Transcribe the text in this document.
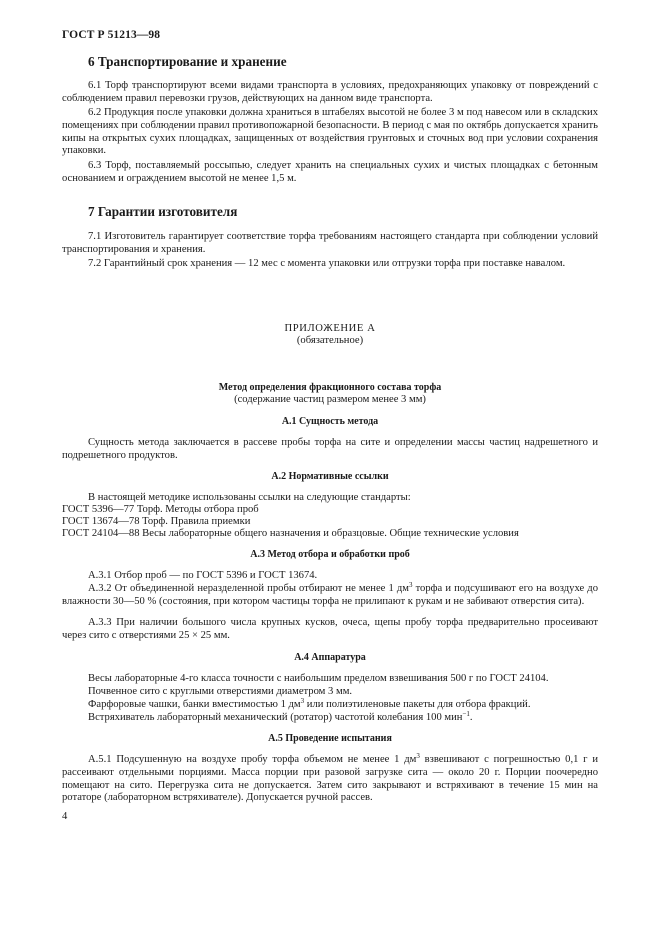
ГОСТ Р 51213—98
6 Транспортирование и хранение
6.1 Торф транспортируют всеми видами транспорта в условиях, предохраняющих упаковку от повреждений с соблюдением правил перевозки грузов, действующих на данном виде транспорта.
6.2 Продукция после упаковки должна храниться в штабелях высотой не более 3 м под навесом или в складских помещениях при соблюдении правил противопожарной безопасности. В период с мая по октябрь допускается хранить кипы на открытых сухих площадках, защищенных от воздействия грунтовых и сточных вод при условии сохранения упаковки.
6.3 Торф, поставляемый россыпью, следует хранить на специальных сухих и чистых площадках с бетонным основанием и ограждением высотой не менее 1,5 м.
7 Гарантии изготовителя
7.1 Изготовитель гарантирует соответствие торфа требованиям настоящего стандарта при соблюдении условий транспортирования и хранения.
7.2 Гарантийный срок хранения — 12 мес с момента упаковки или отгрузки торфа при поставке навалом.
ПРИЛОЖЕНИЕ А
(обязательное)
Метод определения фракционного состава торфа
(содержание частиц размером менее 3 мм)
А.1 Сущность метода
Сущность метода заключается в рассеве пробы торфа на сите и определении массы частиц надрешетного и подрешетного продуктов.
А.2 Нормативные ссылки
В настоящей методике использованы ссылки на следующие стандарты:
ГОСТ 5396—77 Торф. Методы отбора проб
ГОСТ 13674—78 Торф. Правила приемки
ГОСТ 24104—88 Весы лабораторные общего назначения и образцовые. Общие технические условия
А.3 Метод отбора и обработки проб
А.3.1 Отбор проб — по ГОСТ 5396 и ГОСТ 13674.
А.3.2 От объединенной неразделенной пробы отбирают не менее 1 $дм^3$ торфа и подсушивают его на воздухе до влажности 30—50 % (состояния, при котором частицы торфа не прилипают к рукам и не забивают отверстия сита).
А.3.3 При наличии большого числа крупных кусков, очеса, щепы пробу торфа предварительно просеивают через сито с отверстиями 25 × 25 мм.
А.4 Аппаратура
Весы лабораторные 4-го класса точности с наибольшим пределом взвешивания 500 г по ГОСТ 24104.
Почвенное сито с круглыми отверстиями диаметром 3 мм.
Фарфоровые чашки, банки вместимостью 1 $дм^3$ или полиэтиленовые пакеты для отбора фракций.
Встряхиватель лабораторный механический (ротатор) частотой колебания 100 мин$^{-1}$.
А.5 Проведение испытания
А.5.1 Подсушенную на воздухе пробу торфа объемом не менее 1 $дм^3$ взвешивают с погрешностью 0,1 г и рассеивают отдельными порциями. Масса порции при разовой загрузке сита — около 20 г. Порции поочередно помещают на сито. Перегрузка сита не допускается. Затем сито закрывают и встряхивают в течение 15 мин на ротаторе (лабораторном встряхивателе). Допускается ручной рассев.
4
